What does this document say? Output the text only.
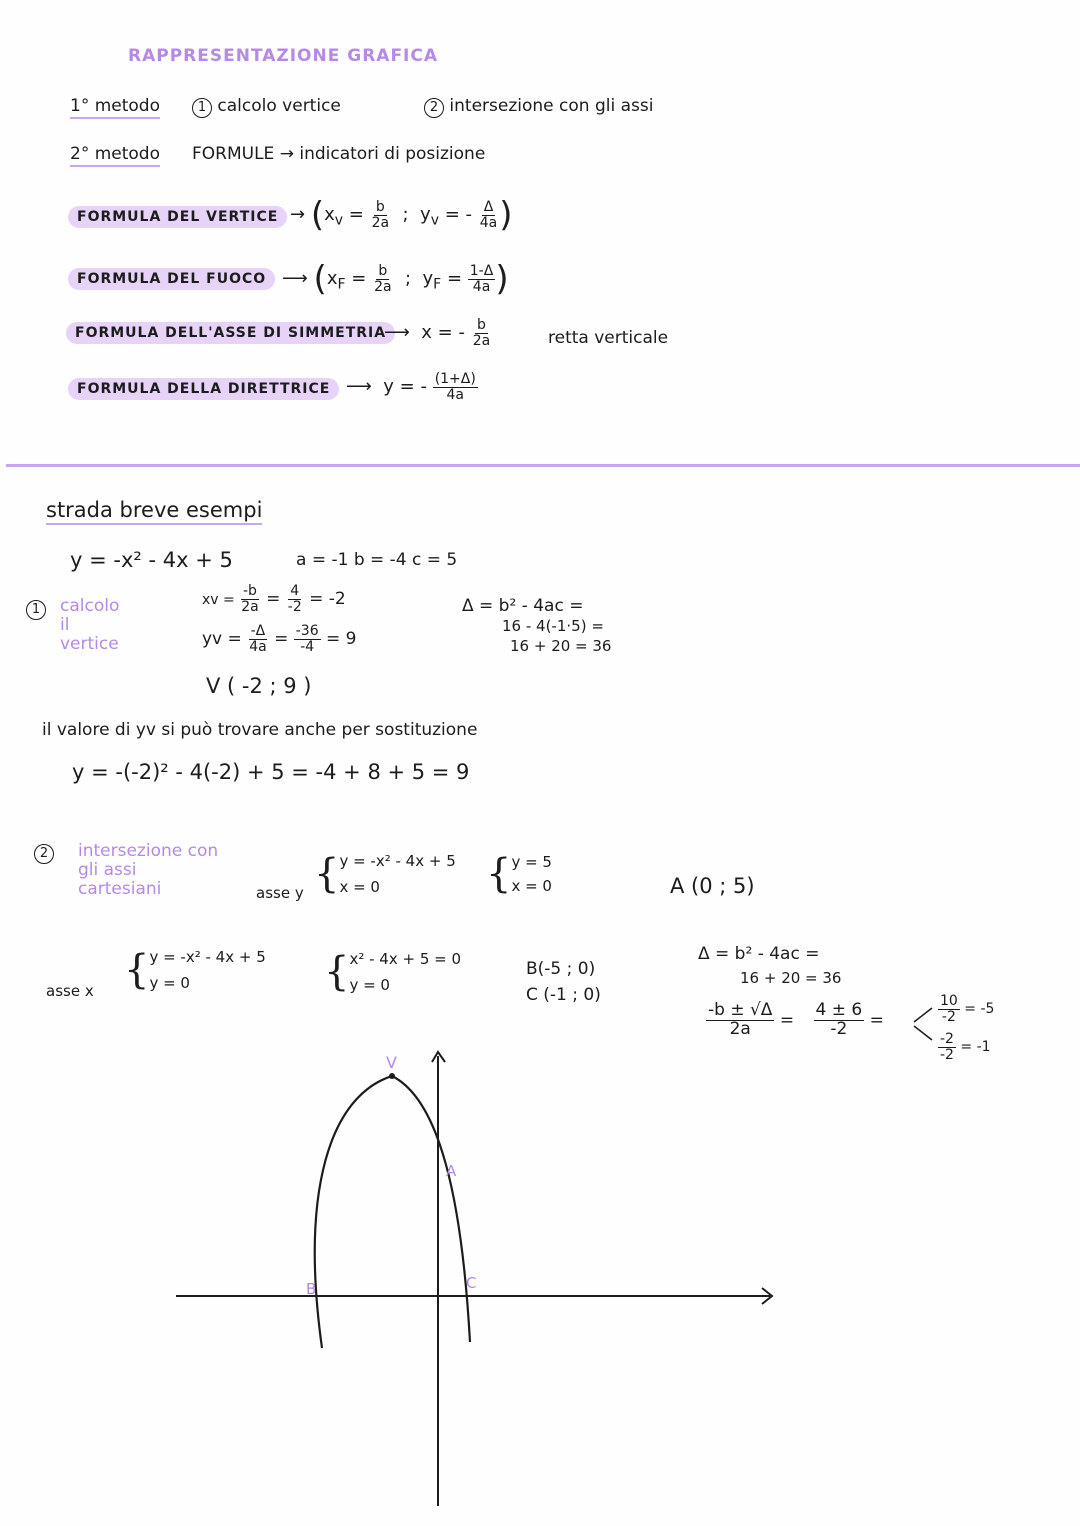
RAPPRESENTAZIONE GRAFICA
1° metodo	1 calcolo vertice	2 intersezione con gli assi
2° metodo FORMULE → indicatori di posizione
FORMULA DEL VERTICE → ($x_v = \frac{b}{2a}$ ;  $y_v$ = - $\frac{\Delta}{4a}$ )
FORMULA DEL FUOCO ⟶ ($x_F = \frac{b}{2a}$ ;  $y_F = \frac{1-\Delta}{4a}$ )
FORMULA DELL'ASSE DI SIMMETRIA
⟶ x = - $\frac{b}{2a}$	retta verticale
FORMULA DELLA DIRETTRICE ⟶ y = - $\frac{(1+\Delta)}{4a}$
strada breve esempi
y = -x² - 4x + 5	a = -1 b = -4 c = 5
1	calcolo
il
vertice
xv = $\frac{-b}{2a} = \frac{4}{-2} = -2$
yv = $\frac{-\Delta}{4a} = \frac{-36}{-4} = 9$
V ( -2 ; 9 )
Δ = b² - 4ac =
16 - 4(-1·5) =
16 + 20 = 36
il valore di yv si può trovare anche per sostituzione
y = -(-2)² - 4(-2) + 5 = -4 + 8 + 5 = 9
2	intersezione con
gli assi
cartesiani	asse y { y = -x² - 4x + 5
x = 0	{ y = 5
x = 0	A (0 ; 5)
asse x { y = -x² - 4x + 5
y = 0	{ x² - 4x + 5 = 0
y = 0
B(-5 ; 0)
C (-1 ; 0)
Δ = b² - 4ac =
16 + 20 = 36
$\frac{-b \pm √\Delta}{2a} = \frac{4 \pm 6}{-2}$ =	$\frac{10}{-2} = -5$
$\frac{-2}{-2} = -1$
V
A
B	C
